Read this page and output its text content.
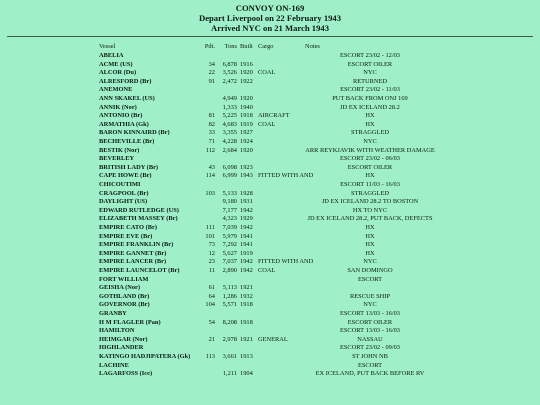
CONVOY ON-169
Depart Liverpool on 22 February 1943
Arrived NYC on 21 March 1943
Vessel	Pdt.	Tons Built Cargo	Notes
ABELIA	ESCORT 23/02 - 12/03
ACME (US)	34	6,878 1916	ESCORT OILER
ALCOR (Du)	22	3,526 1920 COAL	NYC
ALRESFORD (Br)	91	2,472 1922	RETURNED
ANEMONE	ESCORT 23/02 - 11/03
ANN SKAKEL (US)	4,949 1920	PUT BACK FROM ONJ 169
ANNIK (Nor)	1,333 1940	JD EX ICELAND 28.2
ANTONIO (Br)	81	5,225 1918 AIRCRAFT	HX
ARMATHIA (Gk)	82	4,683 1919 COAL	HX
BARON KINNAIRD (Br)	33	3,355 1927	STRAGGLED
BECHEVILLE (Br)	71	4,228 1924	NYC
BESTIK (Nor)	112	2,684 1920	ARR REYKJAVIK WITH WEATHER DAMAGE
BEVERLEY	ESCORT 23/02 - 06/03
BRITISH LADY (Br)	43	6,098 1923	ESCORT OILER
CAPE HOWE (Br)	114	6,999 1943 FITTED WITH AND	HX
CHICOUTIMI	ESCORT 11/03 - 16/03
CRAGPOOL (Br)	103	5,133 1928	STRAGGLED
DAYLIGHT (US)	9,180 1931	JD EX ICELAND 28.2 TO BOSTON
EDWARD RUTLEDGE (US)	7,177 1942	HX TO NYC
ELIZABETH MASSEY (Br)	4,323 1929	JD EX ICELAND 28.2, PUT BACK, DEFECTS
EMPIRE CATO (Br)	111	7,039 1942	HX
EMPIRE EVE (Br)	101	5,979 1941	HX
EMPIRE FRANKLIN (Br)	73	7,292 1941	HX
EMPIRE GANNET (Br)	12	5,627 1919	HX
EMPIRE LANCER (Br)	23	7,037 1942 FITTED WITH AND	NYC
EMPIRE LAUNCELOT (Br)	11	2,890 1942 COAL	SAN DOMINGO
FORT WILLIAM	ESCORT
GEISHA (Nor)	61	5,113 1921
GOTHLAND (Br)	64	1,286 1932	RESCUE SHIP
GOVERNOR (Br)	104	5,571 1918	NYC
GRANBY	ESCORT 13/03 - 16/03
H M FLAGLER (Pan)	54	8,208 1918	ESCORT OILER
HAMILTON	ESCORT 13/03 - 16/03
HEIMGAR (Nor)	21	2,978 1921 GENERAL	NASSAU
HIGHLANDER	ESCORT 23/02 - 09/03
KATINGO HADJIPATERA (Gk)	113	3,661 1913	ST JOHN NB
LACHINE	ESCORT
LAGARFOSS (Ice)	1,211 1904	EX ICELAND, PUT BACK BEFORE RV
